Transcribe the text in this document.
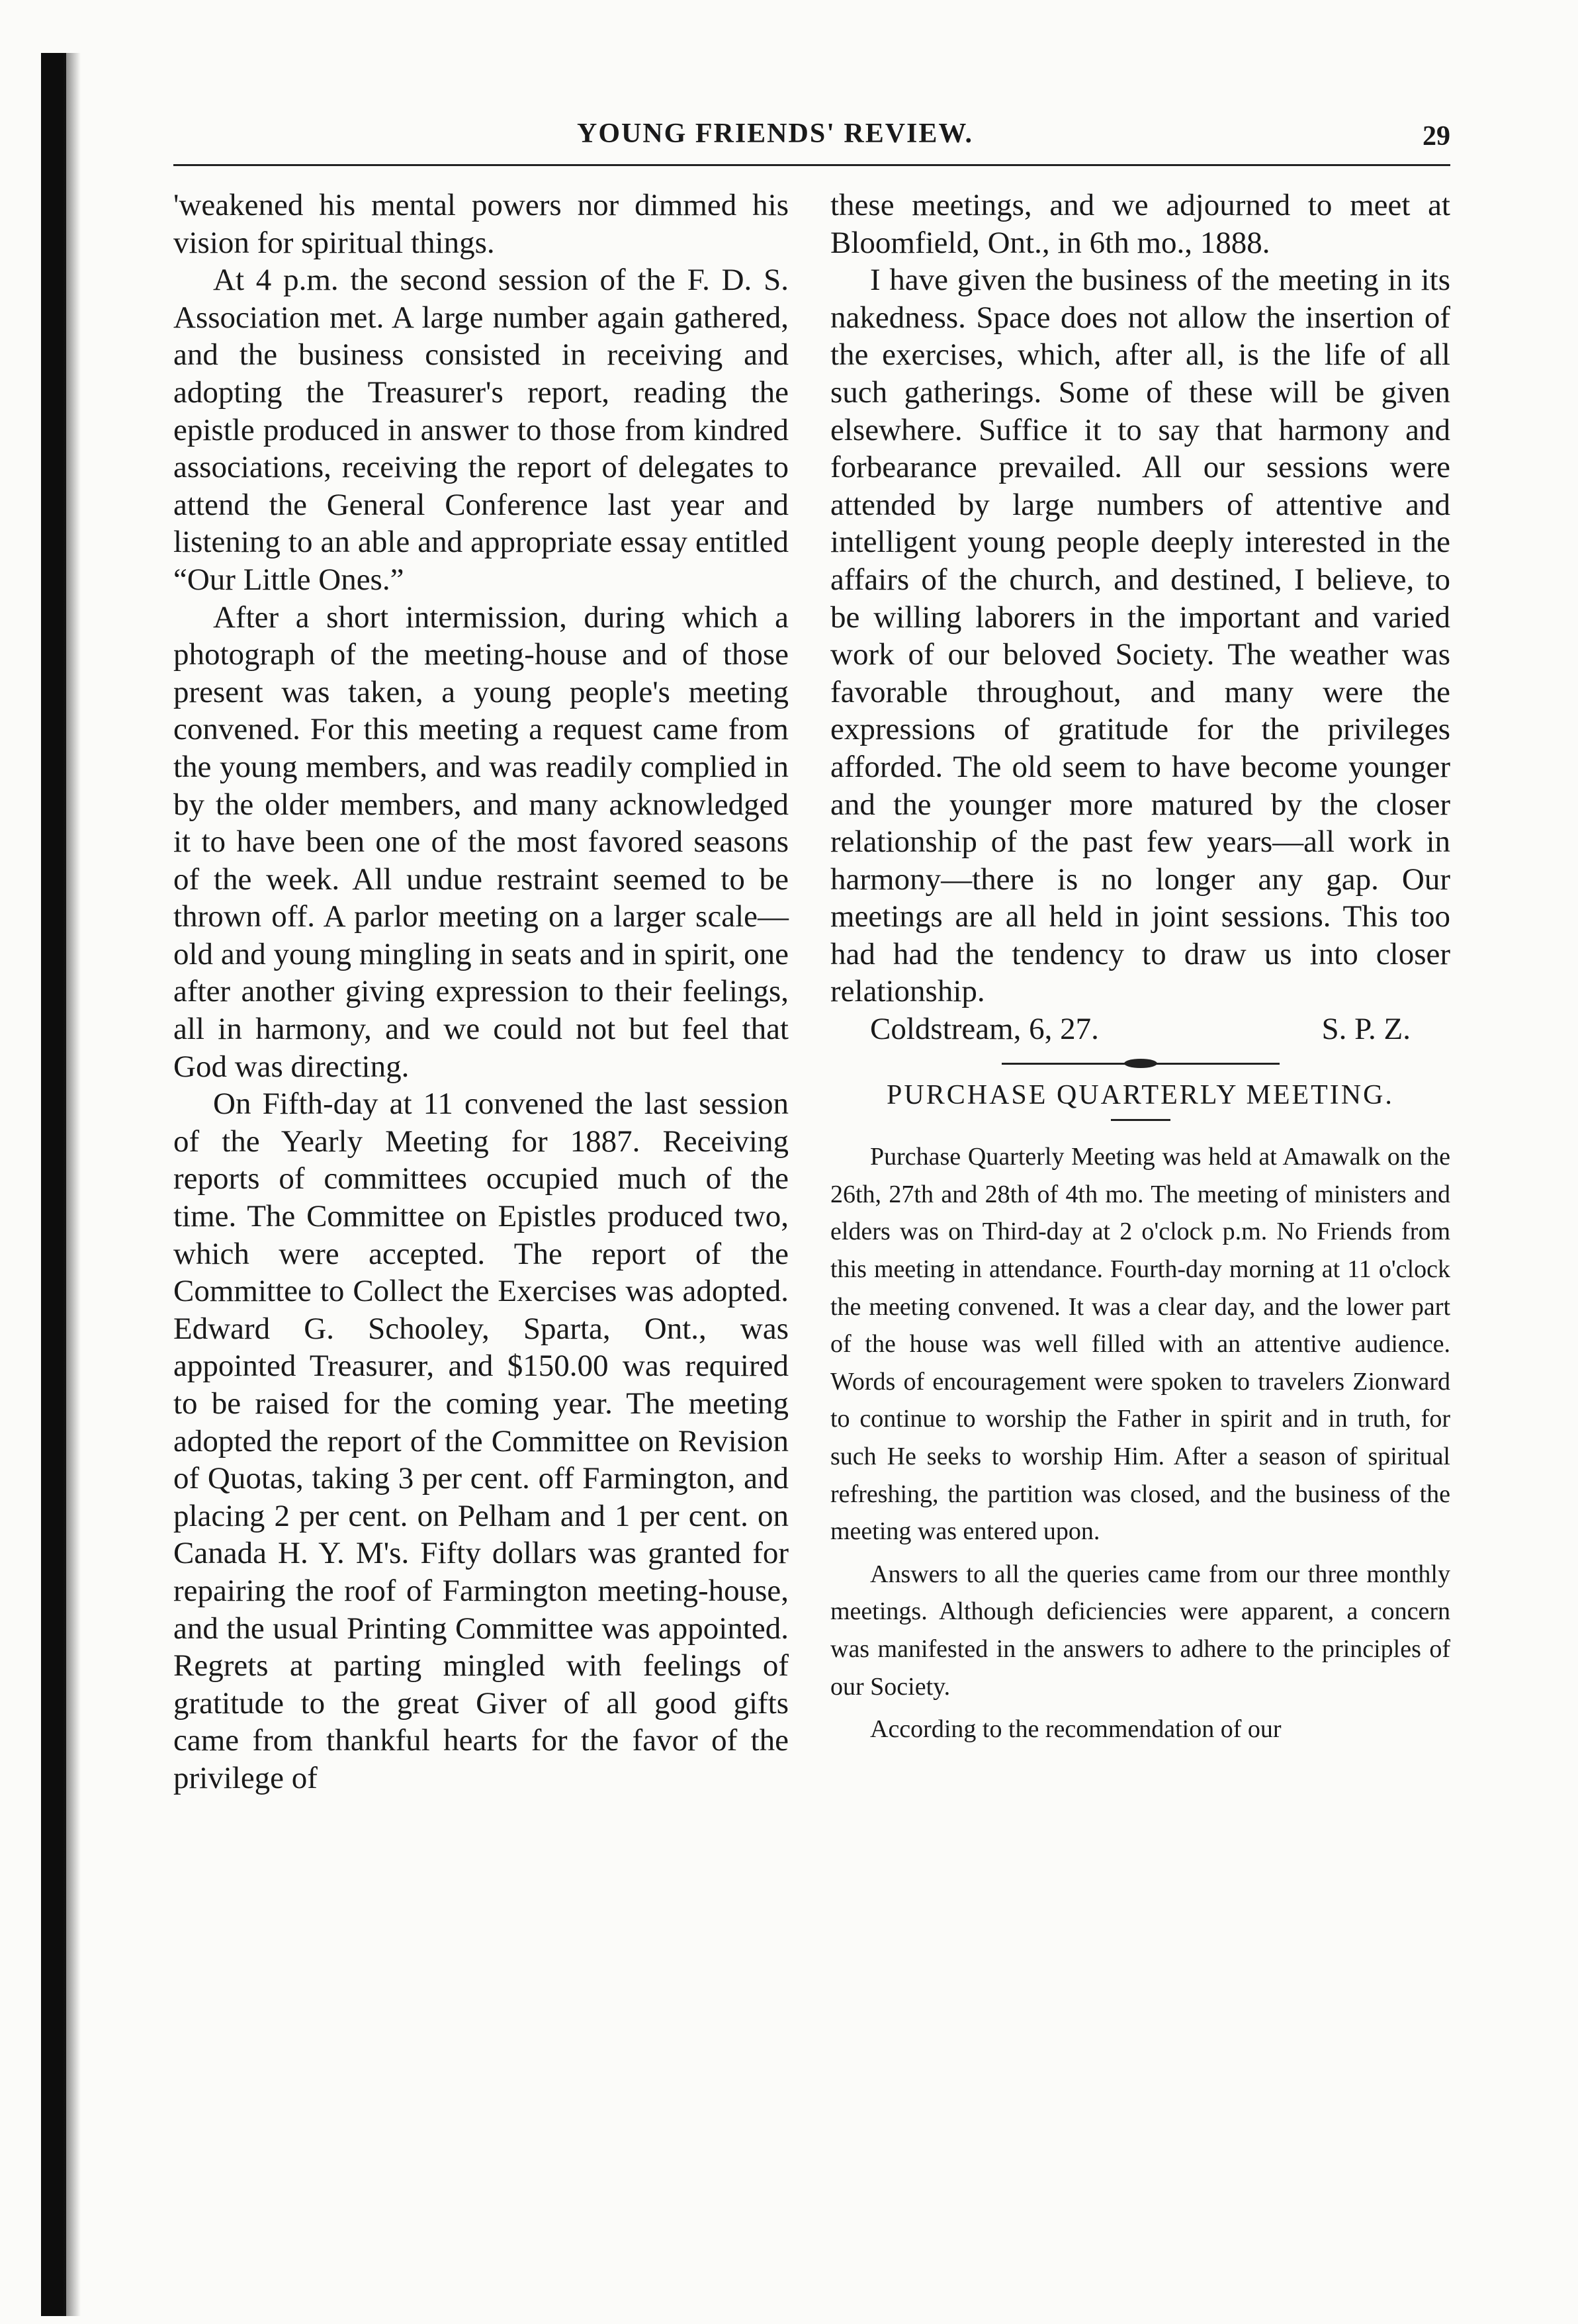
YOUNG FRIENDS' REVIEW.	29

'weakened his mental powers nor dimmed his vision for spiritual things.

At 4 p.m. the second session of the F. D. S. Association met. A large number again gathered, and the business consisted in receiving and adopting the Treasurer's report, reading the epistle produced in answer to those from kindred associations, receiving the report of delegates to attend the General Conference last year and listening to an able and appropriate essay entitled “Our Little Ones.”

After a short intermission, during which a photograph of the meeting-house and of those present was taken, a young people's meeting convened. For this meeting a request came from the young members, and was readily complied in by the older members, and many acknowledged it to have been one of the most favored seasons of the week. All undue restraint seemed to be thrown off. A parlor meeting on a larger scale—old and young mingling in seats and in spirit, one after another giving expression to their feelings, all in harmony, and we could not but feel that God was directing.

On Fifth-day at 11 convened the last session of the Yearly Meeting for 1887. Receiving reports of committees occupied much of the time. The Committee on Epistles produced two, which were accepted. The report of the Committee to Collect the Exercises was adopted. Edward G. Schooley, Sparta, Ont., was appointed Treasurer, and $150.00 was required to be raised for the coming year. The meeting adopted the report of the Committee on Revision of Quotas, taking 3 per cent. off Farmington, and placing 2 per cent. on Pelham and 1 per cent. on Canada H. Y. M's. Fifty dollars was granted for repairing the roof of Farmington meeting-house, and the usual Printing Committee was appointed. Regrets at parting mingled with feelings of gratitude to the great Giver of all good gifts came from thankful hearts for the favor of the privilege of

these meetings, and we adjourned to meet at Bloomfield, Ont., in 6th mo., 1888.

I have given the business of the meeting in its nakedness. Space does not allow the insertion of the exercises, which, after all, is the life of all such gatherings. Some of these will be given elsewhere. Suffice it to say that harmony and forbearance prevailed. All our sessions were attended by large numbers of attentive and intelligent young people deeply interested in the affairs of the church, and destined, I believe, to be willing laborers in the important and varied work of our beloved Society. The weather was favorable throughout, and many were the expressions of gratitude for the privileges afforded. The old seem to have become younger and the younger more matured by the closer relationship of the past few years—all work in harmony—there is no longer any gap. Our meetings are all held in joint sessions. This too had had the tendency to draw us into closer relationship.

Coldstream, 6, 27.	S. P. Z.
PURCHASE QUARTERLY MEETING.

Purchase Quarterly Meeting was held at Amawalk on the 26th, 27th and 28th of 4th mo. The meeting of ministers and elders was on Third-day at 2 o'clock p.m. No Friends from this meeting in attendance. Fourth-day morning at 11 o'clock the meeting convened. It was a clear day, and the lower part of the house was well filled with an attentive audience. Words of encouragement were spoken to travelers Zionward to continue to worship the Father in spirit and in truth, for such He seeks to worship Him. After a season of spiritual refreshing, the partition was closed, and the business of the meeting was entered upon.

Answers to all the queries came from our three monthly meetings. Although deficiencies were apparent, a concern was manifested in the answers to adhere to the principles of our Society.

According to the recommendation of our
